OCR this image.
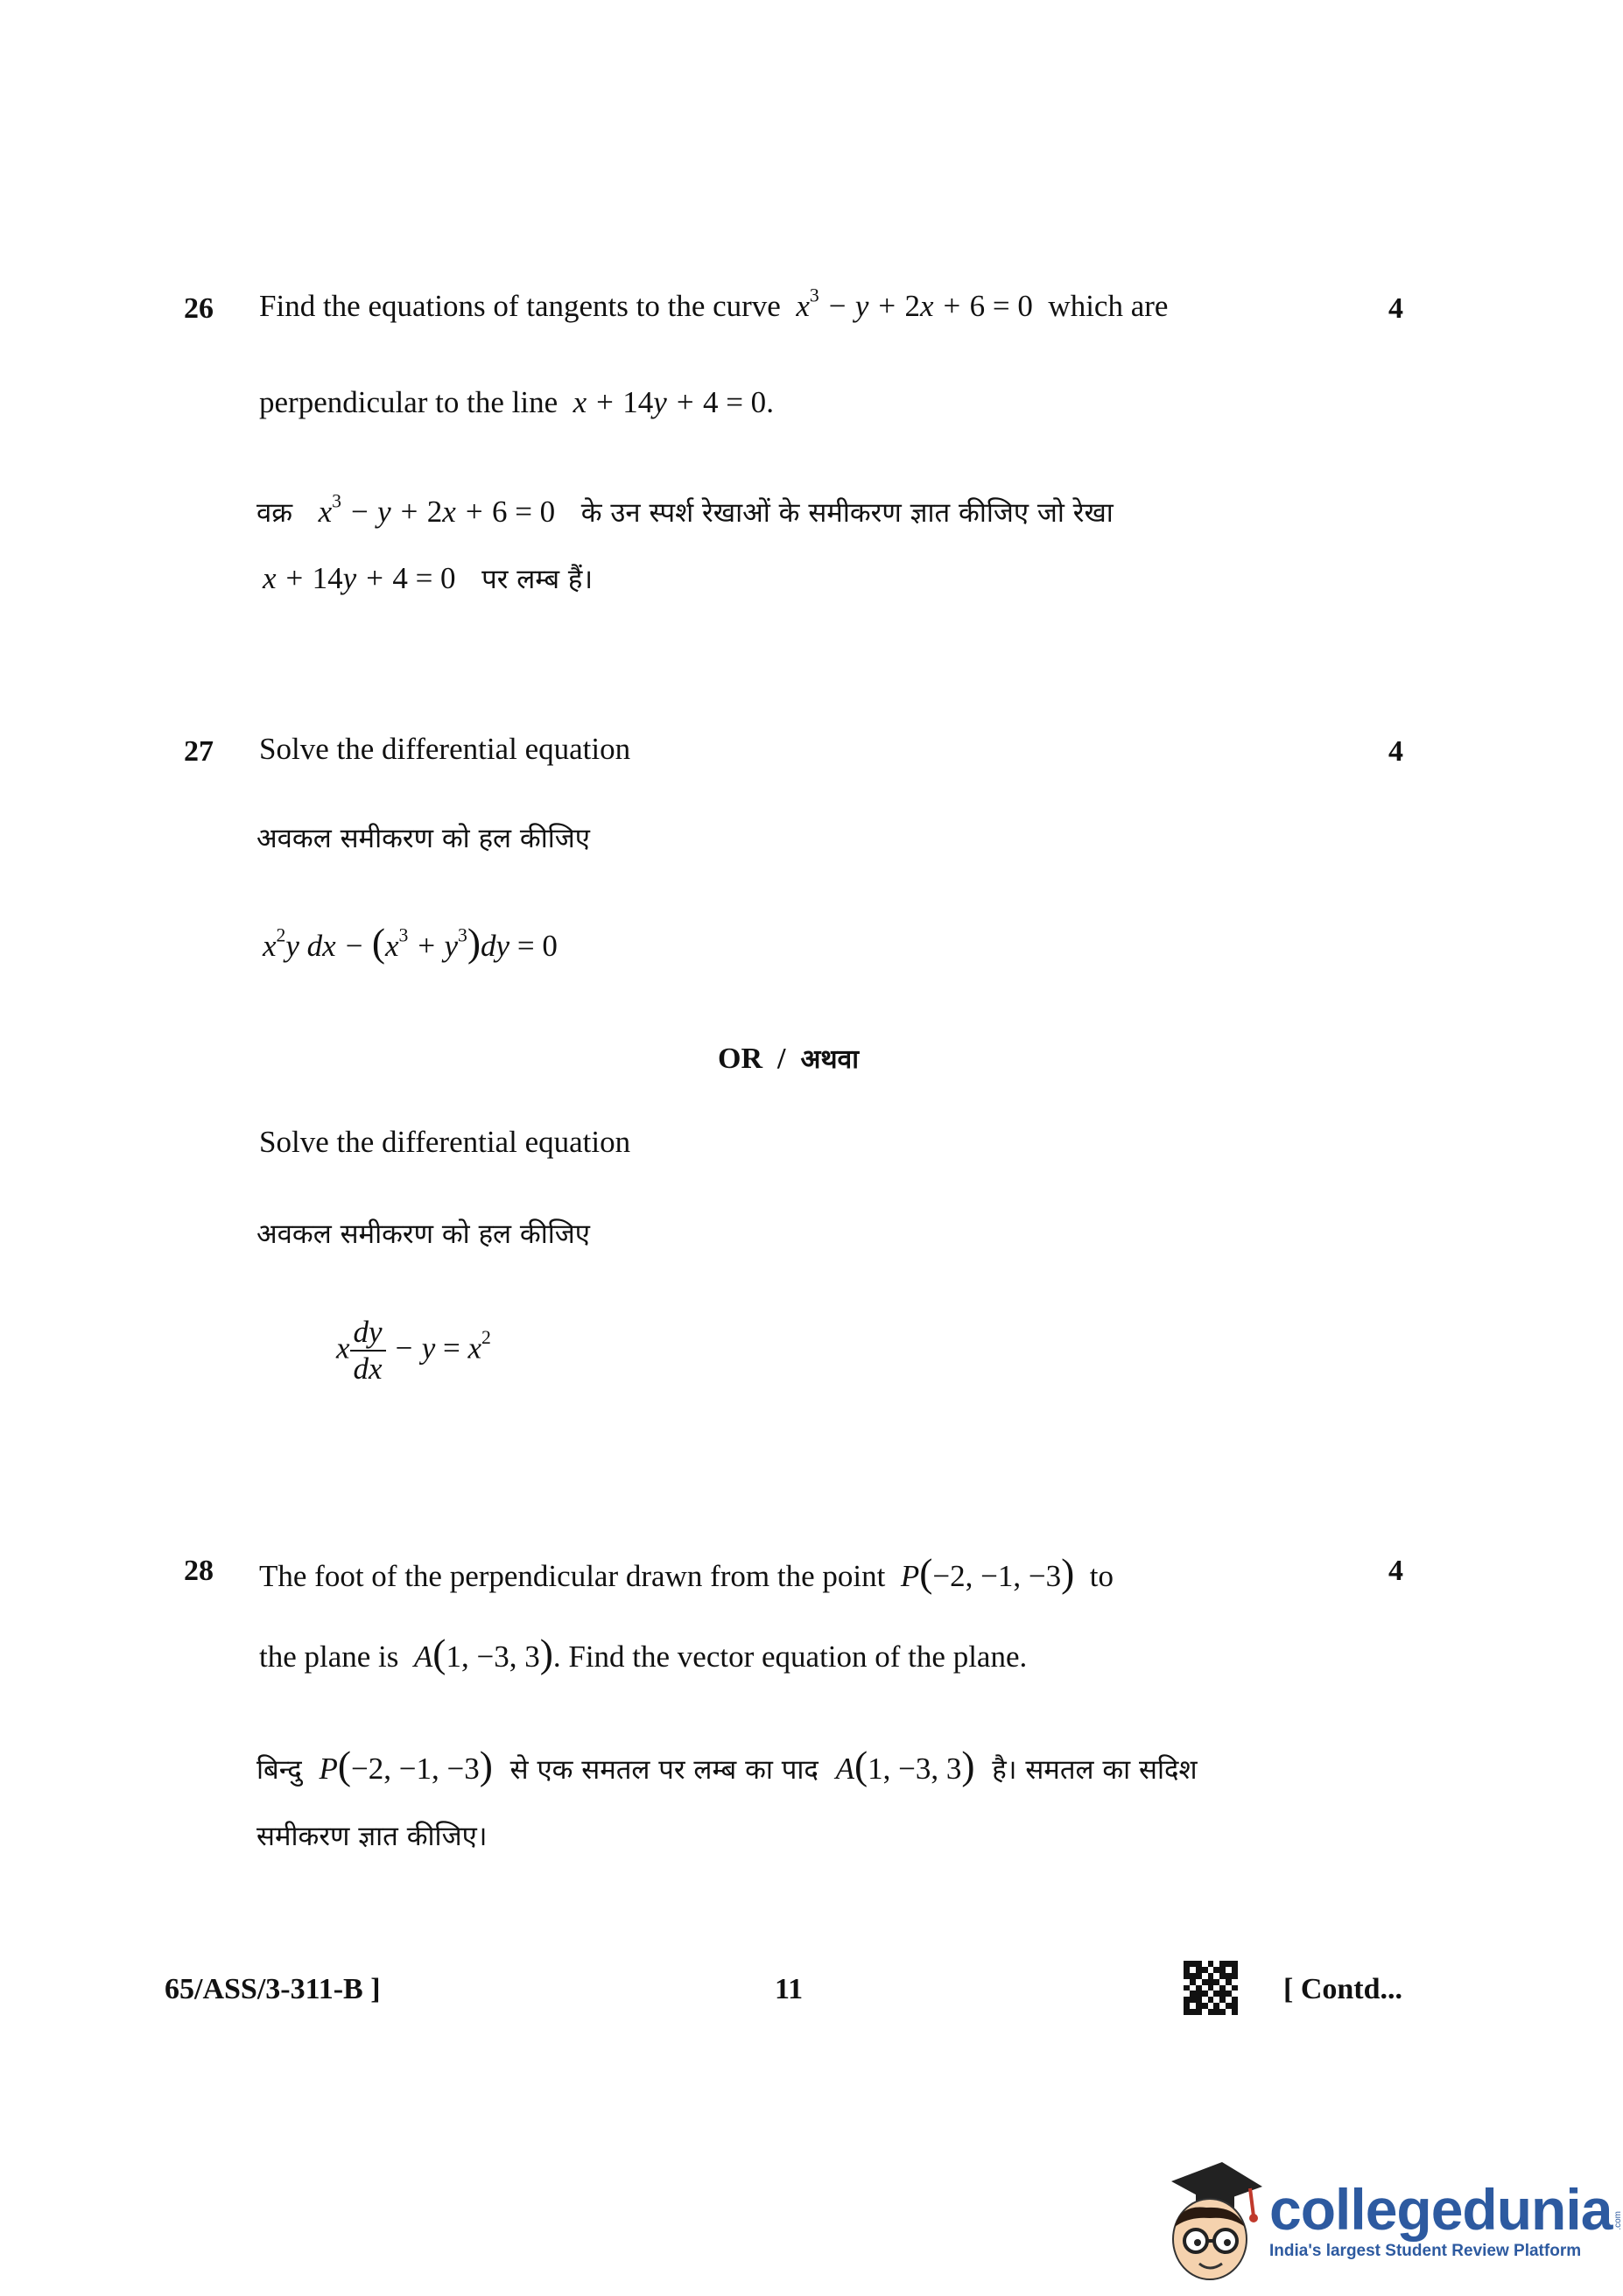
26	4
Find the equations of tangents to the curve $x^3 - y + 2x + 6 = 0$ which are
perpendicular to the line x + 14y + 4 = 0.
वक्र $x^3 - y + 2x + 6 = 0$ के उन स्पर्श रेखाओं के समीकरण ज्ञात कीजिए जो रेखा
x + 14y + 4 = 0 पर लम्ब हैं।
27	4
Solve the differential equation
अवकल समीकरण को हल कीजिए
$x^2y$ dx − $(x^3 + y^3)dy = 0$
OR / अथवा
Solve the differential equation
अवकल समीकरण को हल कीजिए
x $\frac{dy}{dx} - y = x^2$
28	4
The foot of the perpendicular drawn from the point P(−2, −1, −3) to
the plane is A(1, −3, 3). Find the vector equation of the plane.
बिन्दु P(−2, −1, −3) से एक समतल पर लम्ब का पाद A(1, −3, 3) है। समतल का सदिश
समीकरण ज्ञात कीजिए।
65/ASS/3-311-B ]	11	[ Contd...
collegedunia
India's largest Student Review Platform
.com
